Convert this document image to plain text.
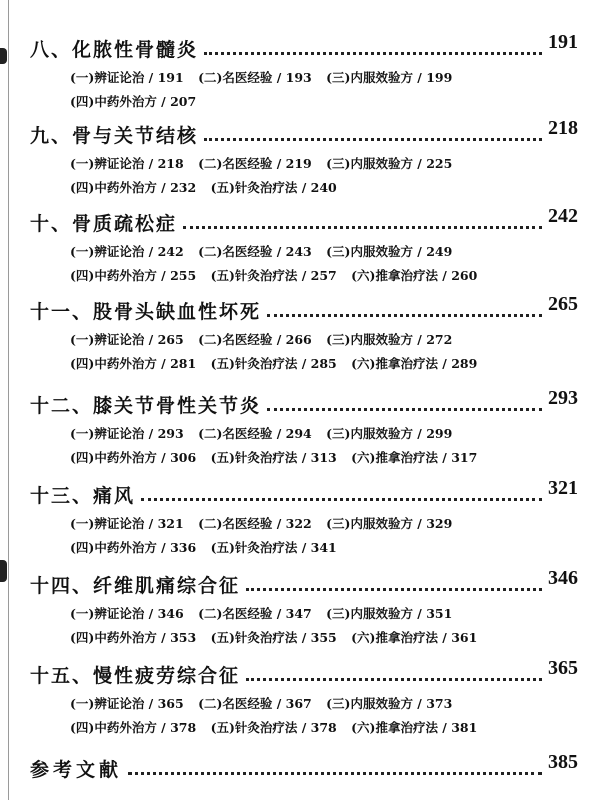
八、化脓性骨髓炎	191
(一)辨证论治 / 191 (二)名医经验 / 193 (三)内服效验方 / 199
(四)中药外治方 / 207
九、骨与关节结核	218
(一)辨证论治 / 218 (二)名医经验 / 219 (三)内服效验方 / 225
(四)中药外治方 / 232 (五)针灸治疗法 / 240
十、骨质疏松症	242
(一)辨证论治 / 242 (二)名医经验 / 243 (三)内服效验方 / 249
(四)中药外治方 / 255 (五)针灸治疗法 / 257 (六)推拿治疗法 / 260
十一、股骨头缺血性坏死	265
(一)辨证论治 / 265 (二)名医经验 / 266 (三)内服效验方 / 272
(四)中药外治方 / 281 (五)针灸治疗法 / 285 (六)推拿治疗法 / 289
十二、膝关节骨性关节炎	293
(一)辨证论治 / 293 (二)名医经验 / 294 (三)内服效验方 / 299
(四)中药外治方 / 306 (五)针灸治疗法 / 313 (六)推拿治疗法 / 317
十三、痛风	321
(一)辨证论治 / 321 (二)名医经验 / 322 (三)内服效验方 / 329
(四)中药外治方 / 336 (五)针灸治疗法 / 341
十四、纤维肌痛综合征	346
(一)辨证论治 / 346 (二)名医经验 / 347 (三)内服效验方 / 351
(四)中药外治方 / 353 (五)针灸治疗法 / 355 (六)推拿治疗法 / 361
十五、慢性疲劳综合征	365
(一)辨证论治 / 365 (二)名医经验 / 367 (三)内服效验方 / 373
(四)中药外治方 / 378 (五)针灸治疗法 / 378 (六)推拿治疗法 / 381
参考文献	385
